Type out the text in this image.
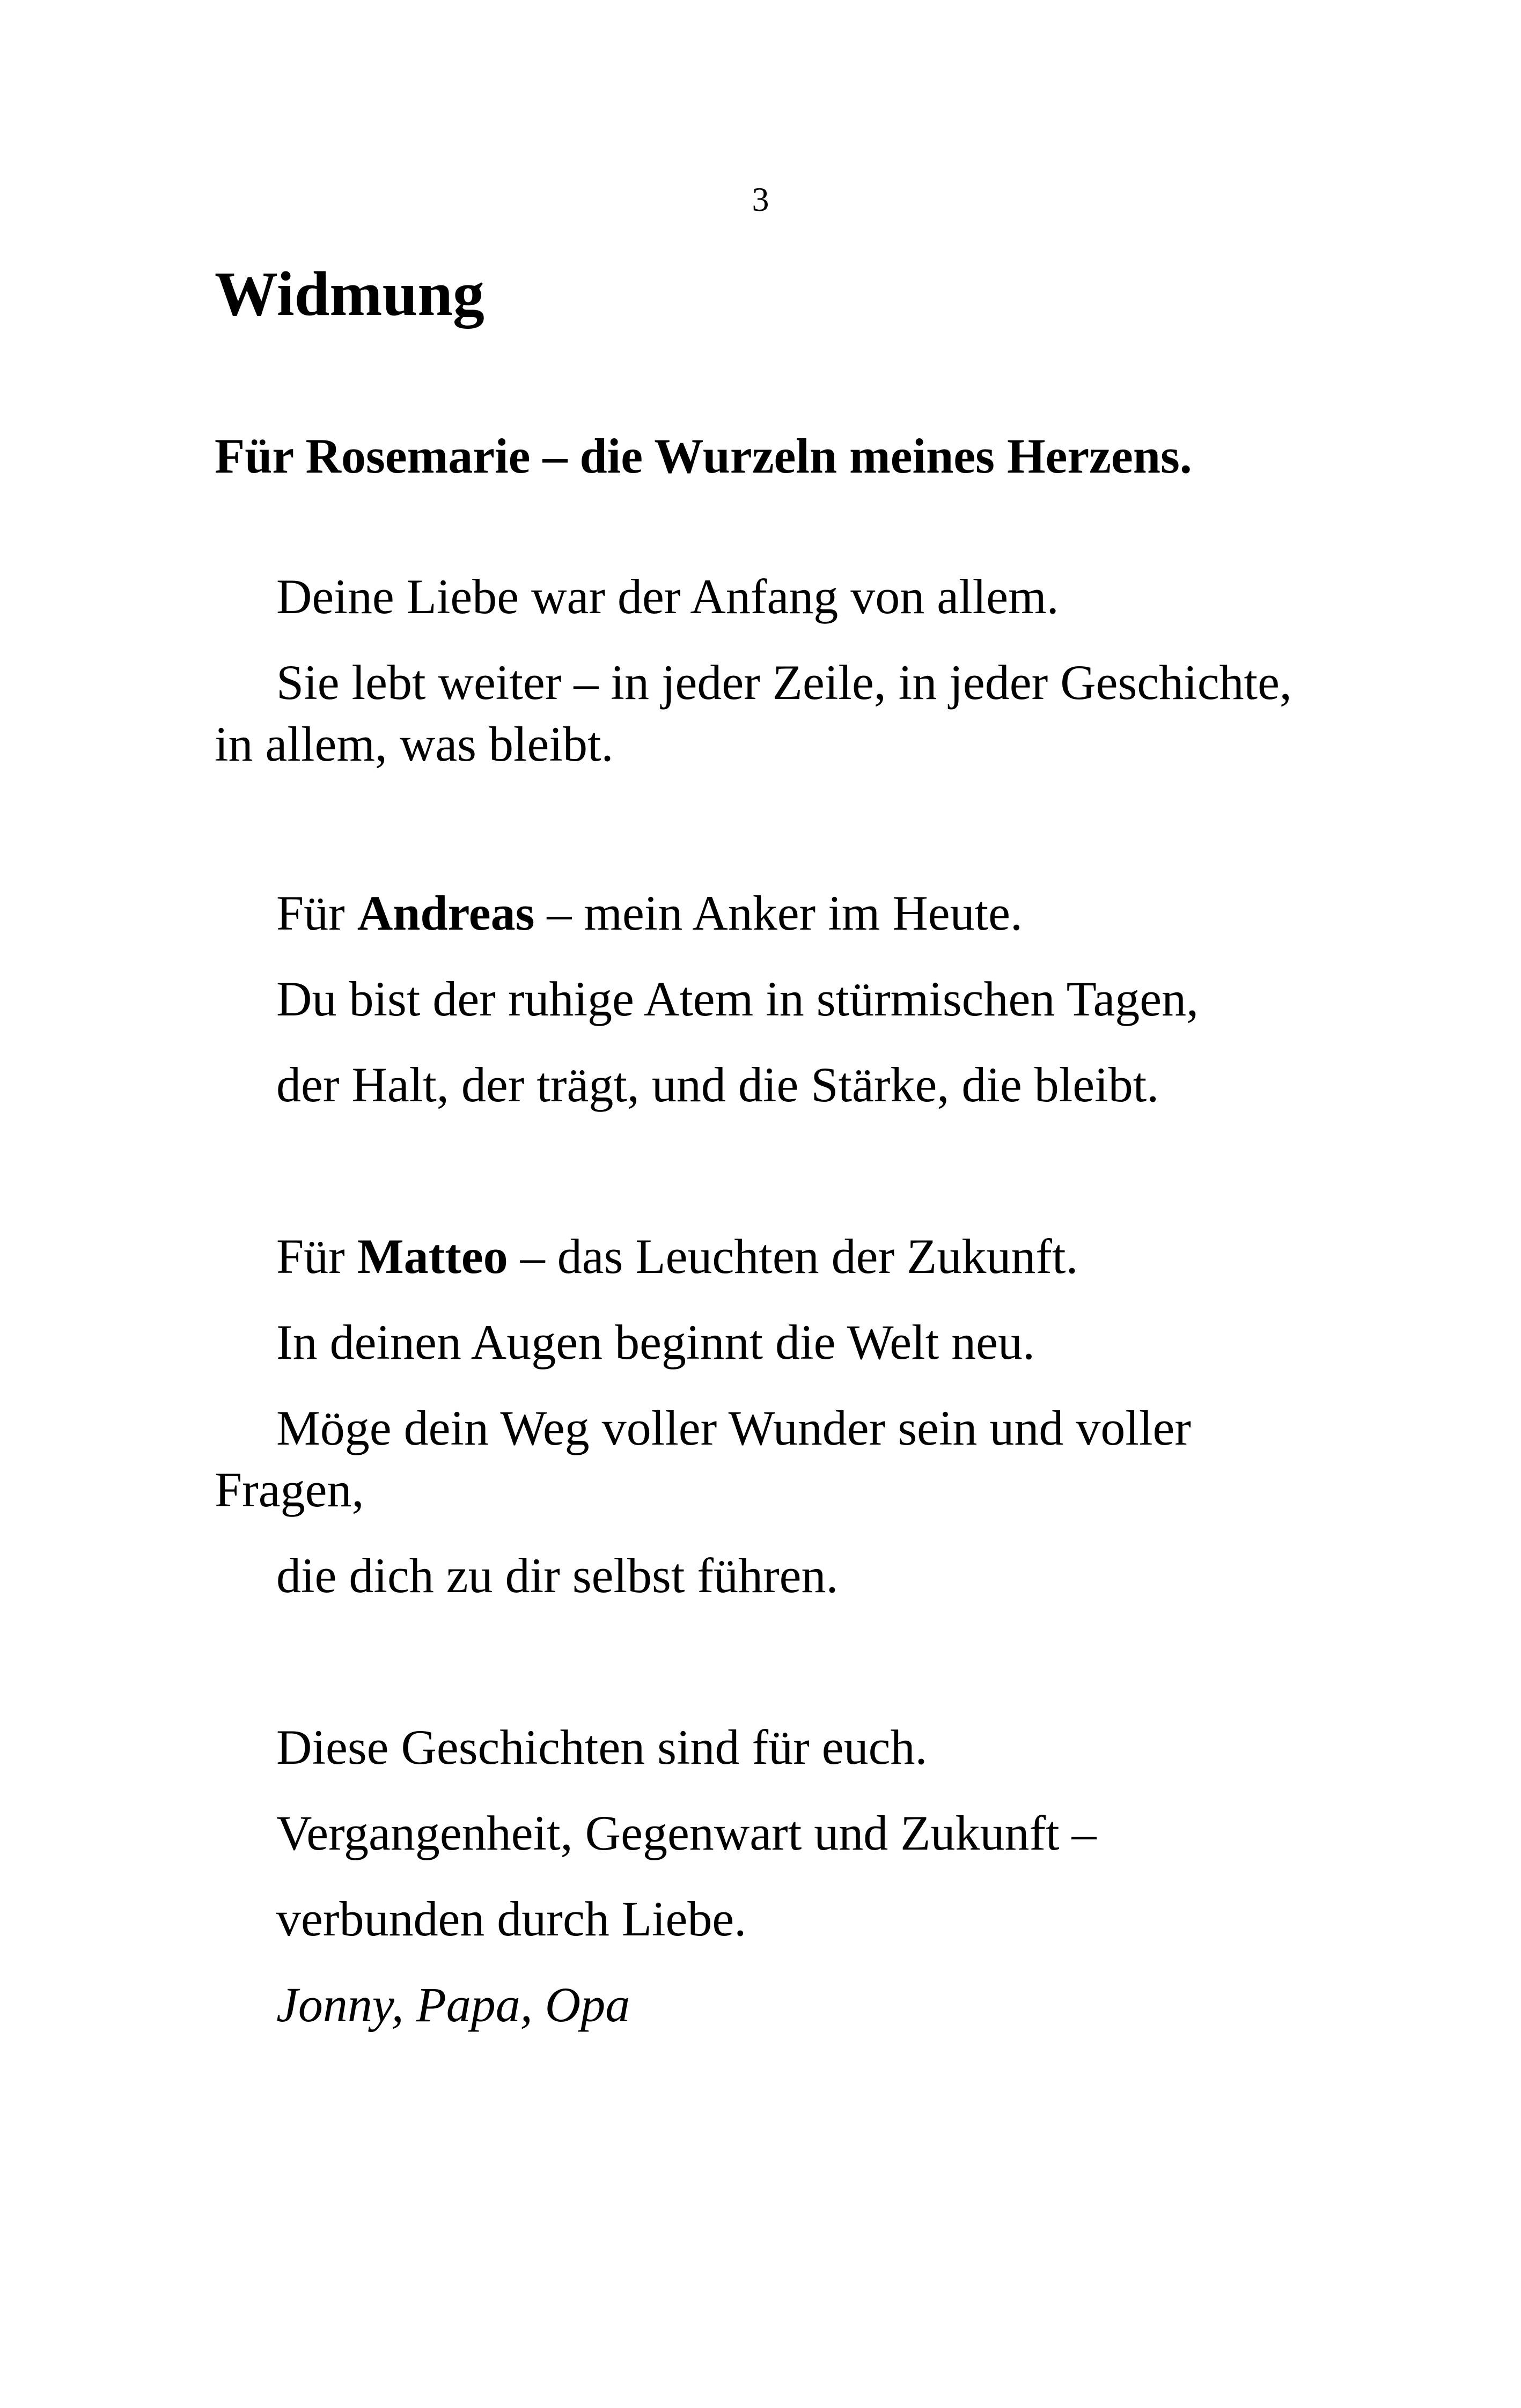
3
Widmung

Für Rosemarie – die Wurzeln meines Herzens.

Deine Liebe war der Anfang von allem.

Sie lebt weiter – in jeder Zeile, in jeder Geschichte, in allem, was bleibt.

Für Andreas – mein Anker im Heute.

Du bist der ruhige Atem in stürmischen Tagen,

der Halt, der trägt, und die Stärke, die bleibt.

Für Matteo – das Leuchten der Zukunft.

In deinen Augen beginnt die Welt neu.

Möge dein Weg voller Wunder sein und voller Fragen,

die dich zu dir selbst führen.

Diese Geschichten sind für euch.

Vergangenheit, Gegenwart und Zukunft –

verbunden durch Liebe.

Jonny, Papa, Opa
